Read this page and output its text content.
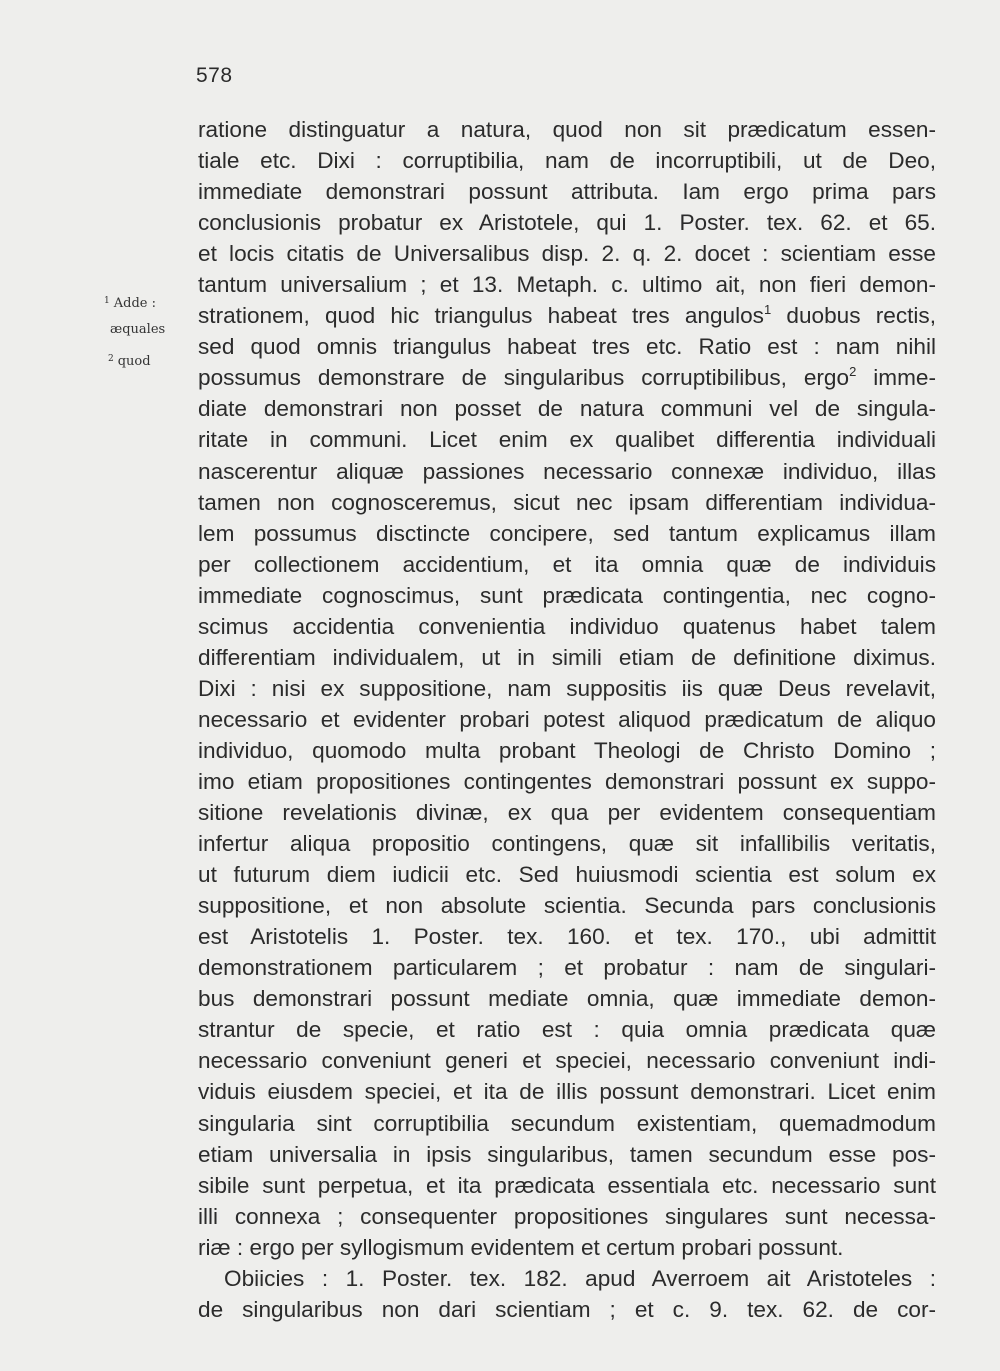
578
$^1$ Adde :
æquales
$^2$ quod
ratione distinguatur a natura, quod non sit prædicatum essen-
tiale etc. Dixi : corruptibilia, nam de incorruptibili, ut de Deo,
immediate demonstrari possunt attributa. Iam ergo prima pars
conclusionis probatur ex Aristotele, qui 1. Poster. tex. 62. et 65.
et locis citatis de Universalibus disp. 2. q. 2. docet : scientiam esse
tantum universalium ; et 13. Metaph. c. ultimo ait, non fieri demon-
strationem, quod hic triangulus habeat tres angulos$^1$ duobus rectis,
sed quod omnis triangulus habeat tres etc. Ratio est : nam nihil
possumus demonstrare de singularibus corruptibilibus, ergo$^2$ imme-
diate demonstrari non posset de natura communi vel de singula-
ritate in communi. Licet enim ex qualibet differentia individuali
nascerentur aliquæ passiones necessario connexæ individuo, illas
tamen non cognosceremus, sicut nec ipsam differentiam individua-
lem possumus disctincte concipere, sed tantum explicamus illam
per collectionem accidentium, et ita omnia quæ de individuis
immediate cognoscimus, sunt prædicata contingentia, nec cogno-
scimus accidentia convenientia individuo quatenus habet talem
differentiam individualem, ut in simili etiam de definitione diximus.
Dixi : nisi ex suppositione, nam suppositis iis quæ Deus revelavit,
necessario et evidenter probari potest aliquod prædicatum de aliquo
individuo, quomodo multa probant Theologi de Christo Domino ;
imo etiam propositiones contingentes demonstrari possunt ex suppo-
sitione revelationis divinæ, ex qua per evidentem consequentiam
infertur aliqua propositio contingens, quæ sit infallibilis veritatis,
ut futurum diem iudicii etc. Sed huiusmodi scientia est solum ex
suppositione, et non absolute scientia. Secunda pars conclusionis
est Aristotelis 1. Poster. tex. 160. et tex. 170., ubi admittit
demonstrationem particularem ; et probatur : nam de singulari-
bus demonstrari possunt mediate omnia, quæ immediate demon-
strantur de specie, et ratio est : quia omnia prædicata quæ
necessario conveniunt generi et speciei, necessario conveniunt indi-
viduis eiusdem speciei, et ita de illis possunt demonstrari. Licet enim
singularia sint corruptibilia secundum existentiam, quemadmodum
etiam universalia in ipsis singularibus, tamen secundum esse pos-
sibile sunt perpetua, et ita prædicata essentiala etc. necessario sunt
illi connexa ; consequenter propositiones singulares sunt necessa-
riæ : ergo per syllogismum evidentem et certum probari possunt.
Obiicies : 1. Poster. tex. 182. apud Averroem ait Aristoteles :
de singularibus non dari scientiam ; et c. 9. tex. 62. de cor-
